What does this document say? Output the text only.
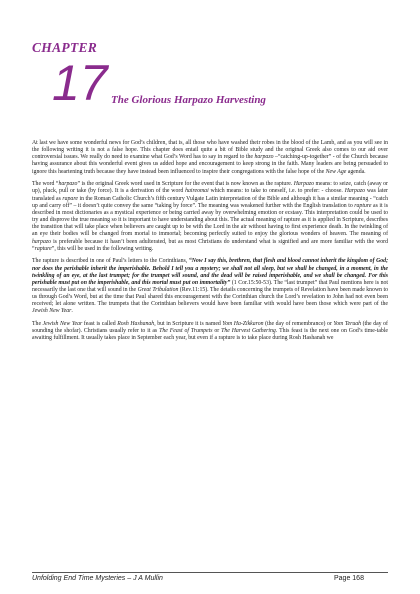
CHAPTER
17 The Glorious Harpazo Harvesting

At last we have some wonderful news for God’s children, that is, all those who have washed their robes in the blood of the Lamb, and as you will see in the following writing it is not a false hope. This chapter does entail quite a bit of Bible study and the original Greek also comes to our aid over controversial issues. We really do need to examine what God’s Word has to say in regard to the harpazo –“catching-up-together” - of the Church because having assurance about this wonderful event gives us added hope and encouragement to keep strong in the faith. Many leaders are being persuaded to ignore this heartening truth because they have instead been influenced to inspire their congregations with the false hope of the New Age agenda.

The word “harpazo” is the original Greek word used in Scripture for the event that is now known as the rapture. Harpazo means: to seize, catch (away or up), pluck, pull or take (by force). It is a derivation of the word haireomai which means: to take to oneself, i.e. to prefer: - choose. Harpazo was later translated as rapare in the Roman Catholic Church’s fifth century Vulgate Latin interpretation of the Bible and although it has a similar meaning - “catch up and carry off” – it doesn’t quite convey the same “taking by force”. The meaning was weakened further with the English translation to rapture as it is described in most dictionaries as a mystical experience or being carried away by overwhelming emotion or ecstasy. This interpretation could be used to try and disprove the true meaning so it is important to have understanding about this. The actual meaning of rapture as it is applied in Scripture, describes the transition that will take place when believers are caught up to be with the Lord in the air without having to first experience death. In the twinkling of an eye their bodies will be changed from mortal to immortal; becoming perfectly suited to enjoy the glorious wonders of heaven. The meaning of harpazo is preferable because it hasn’t been adulterated, but as most Christians do understand what is signified and are more familiar with the word “rapture”, this will be used in the following writing.

The rapture is described in one of Paul’s letters to the Corinthians, “Now I say this, brethren, that flesh and blood cannot inherit the kingdom of God; nor does the perishable inherit the imperishable. Behold I tell you a mystery; we shall not all sleep, but we shall be changed, in a moment, in the twinkling of an eye, at the last trumpet; for the trumpet will sound, and the dead will be raised imperishable, and we shall be changed. For this perishable must put on the imperishable, and this mortal must put on immortality” (1 Cor.15:50-53). The “last trumpet” that Paul mentions here is not necessarily the last one that will sound in the Great Tribulation (Rev.11:15). The details concerning the trumpets of Revelation have been made known to us through God’s Word, but at the time that Paul shared this encouragement with the Corinthian church the Lord’s revelation to John had not even been received; let alone written. The trumpets that the Corinthian believers would have been familiar with would have been those which were part of the Jewish New Year.

The Jewish New Year feast is called Rosh Hashanah, but in Scripture it is named Yom Ha-Zikkaron (the day of remembrance) or Yom Teruah (the day of sounding the shofar). Christians usually refer to it as The Feast of Trumpets or The Harvest Gathering. This feast is the next one on God’s time-table awaiting fulfillment. It usually takes place in September each year, but even if a rapture is to take place during Rosh Hashanah we

Unfolding End Time Mysteries – J A Mullin	Page 168
